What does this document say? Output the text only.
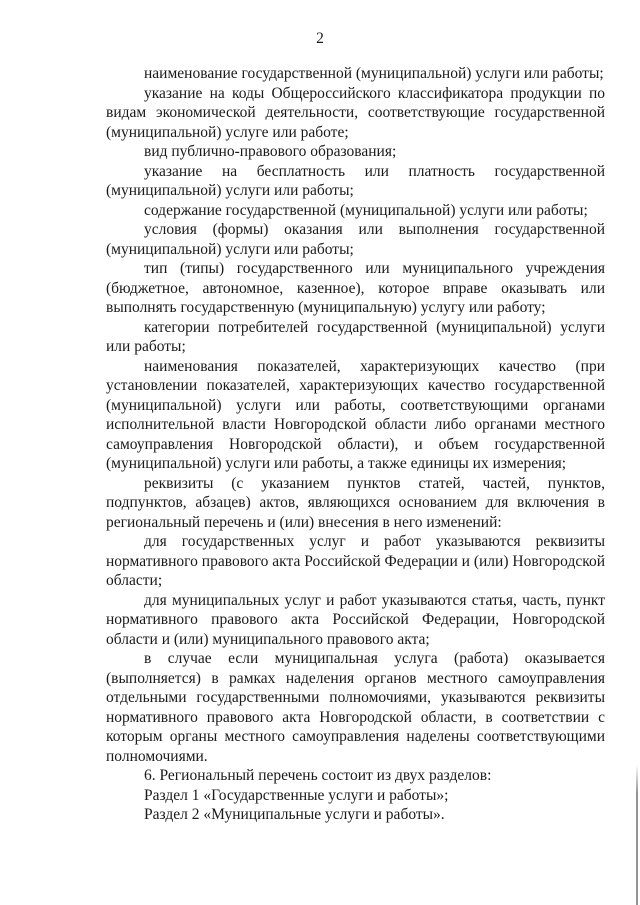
2

наименование государственной (муниципальной) услуги или работы;

указание на коды Общероссийского классификатора продукции по видам экономической деятельности, соответствующие государственной (муниципальной) услуге или работе;

вид публично-правового образования;

указание на бесплатность или платность государственной (муниципальной) услуги или работы;

содержание государственной (муниципальной) услуги или работы;

условия (формы) оказания или выполнения государственной (муниципальной) услуги или работы;

тип (типы) государственного или муниципального учреждения (бюджетное, автономное, казенное), которое вправе оказывать или выполнять государственную (муниципальную) услугу или работу;

категории потребителей государственной (муниципальной) услуги или работы;

наименования показателей, характеризующих качество (при установлении показателей, характеризующих качество государственной (муниципальной) услуги или работы, соответствующими органами исполнительной власти Новгородской области либо органами местного самоуправления Новгородской области), и объем государственной (муниципальной) услуги или работы, а также единицы их измерения;

реквизиты (с указанием пунктов статей, частей, пунктов, подпунктов, абзацев) актов, являющихся основанием для включения в региональный перечень и (или) внесения в него изменений:

для государственных услуг и работ указываются реквизиты нормативного правового акта Российской Федерации и (или) Новгородской области;

для муниципальных услуг и работ указываются статья, часть, пункт нормативного правового акта Российской Федерации, Новгородской области и (или) муниципального правового акта;

в случае если муниципальная услуга (работа) оказывается (выполняется) в рамках наделения органов местного самоуправления отдельными государственными полномочиями, указываются реквизиты нормативного правового акта Новгородской области, в соответствии с которым органы местного самоуправления наделены соответствующими полномочиями.

6. Региональный перечень состоит из двух разделов:

Раздел 1 «Государственные услуги и работы»;

Раздел 2 «Муниципальные услуги и работы».
